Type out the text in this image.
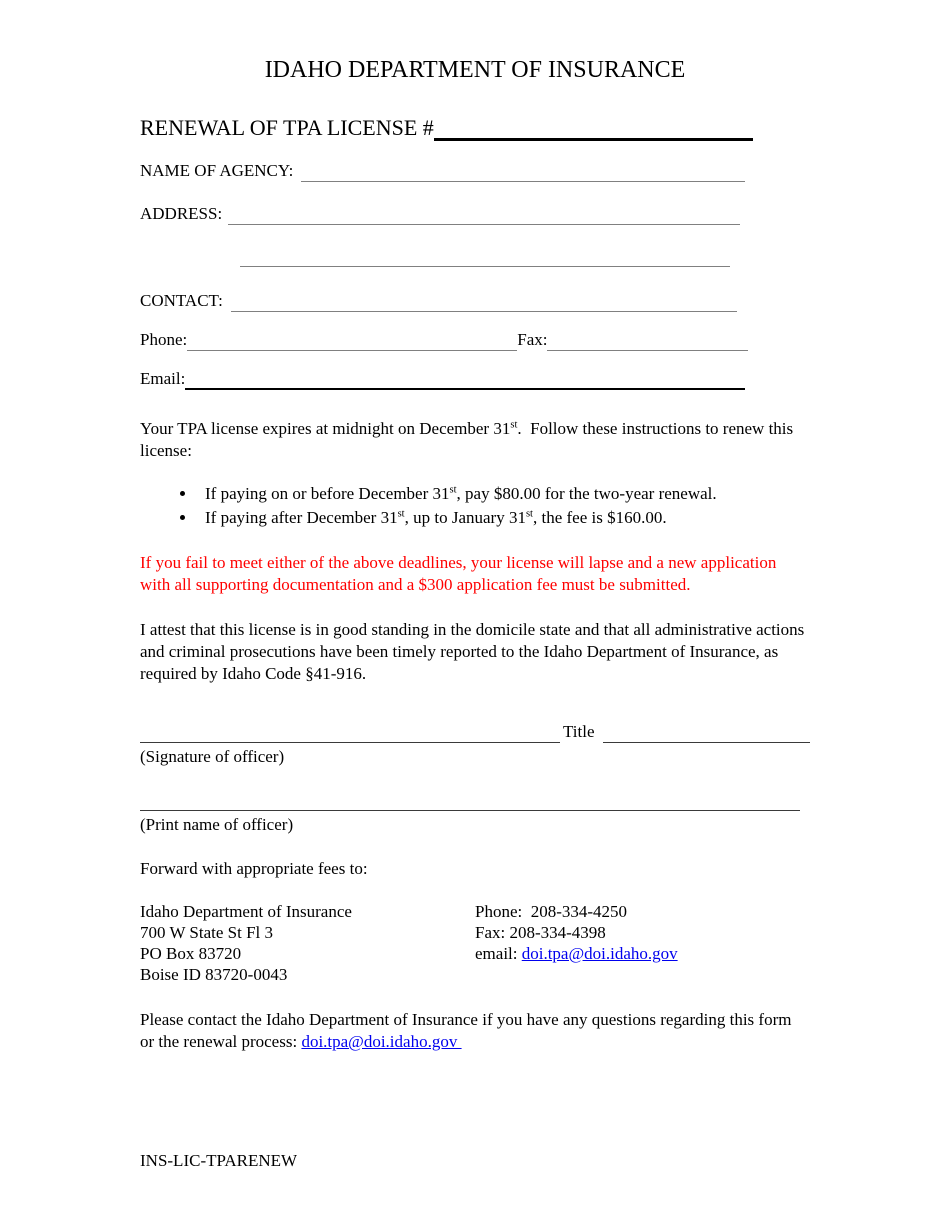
IDAHO DEPARTMENT OF INSURANCE
RENEWAL OF TPA LICENSE #
NAME OF AGENCY:
ADDRESS:
CONTACT:
Phone:	Fax:
Email:

Your TPA license expires at midnight on December 31st.  Follow these instructions to renew this license:

• If paying on or before December 31st, pay $80.00 for the two-year renewal.
• If paying after December 31st, up to January 31st, the fee is $160.00.

If you fail to meet either of the above deadlines, your license will lapse and a new application with all supporting documentation and a $300 application fee must be submitted.

I attest that this license is in good standing in the domicile state and that all administrative actions and criminal prosecutions have been timely reported to the Idaho Department of Insurance, as required by Idaho Code §41-916.

Title
(Signature of officer)
(Print name of officer)

Forward with appropriate fees to:

Idaho Department of Insurance
700 W State St Fl 3
PO Box 83720
Boise ID 83720-0043
Phone:  208-334-4250
Fax: 208-334-4398
email: doi.tpa@doi.idaho.gov

Please contact the Idaho Department of Insurance if you have any questions regarding this form or the renewal process: doi.tpa@doi.idaho.gov

INS-LIC-TPARENEW
